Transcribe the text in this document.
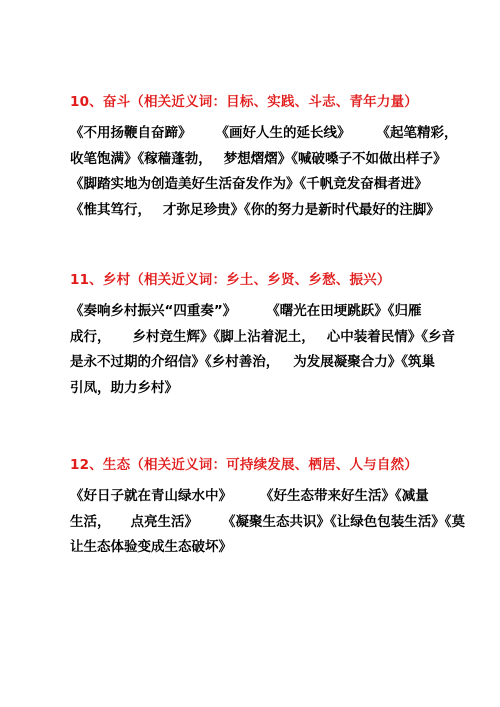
10、奋斗（相关近义词：目标、实践、斗志、青年力量）
《不用扬鞭自奋蹄》 《画好人生的延长线》 《起笔精彩，
收笔饱满》《稼穑蓬勃， 梦想熠熠》《喊破嗓子不如做出样子》
《脚踏实地为创造美好生活奋发作为》《千帆竞发奋楫者进》
《惟其笃行， 才弥足珍贵》《你的努力是新时代最好的注脚》
11、乡村（相关近义词：乡土、乡贤、乡愁、振兴）
《奏响乡村振兴“四重奏”》 《曙光在田埂跳跃》《归雁
成行， 乡村竞生辉》《脚上沾着泥土， 心中装着民情》《乡音
是永不过期的介绍信》《乡村善治， 为发展凝聚合力》《筑巢
引凤，助力乡村》
12、生态（相关近义词：可持续发展、栖居、人与自然）
《好日子就在青山绿水中》 《好生态带来好生活》《减量
生活， 点亮生活》 《凝聚生态共识》《让绿色包装生活》《莫
让生态体验变成生态破坏》
